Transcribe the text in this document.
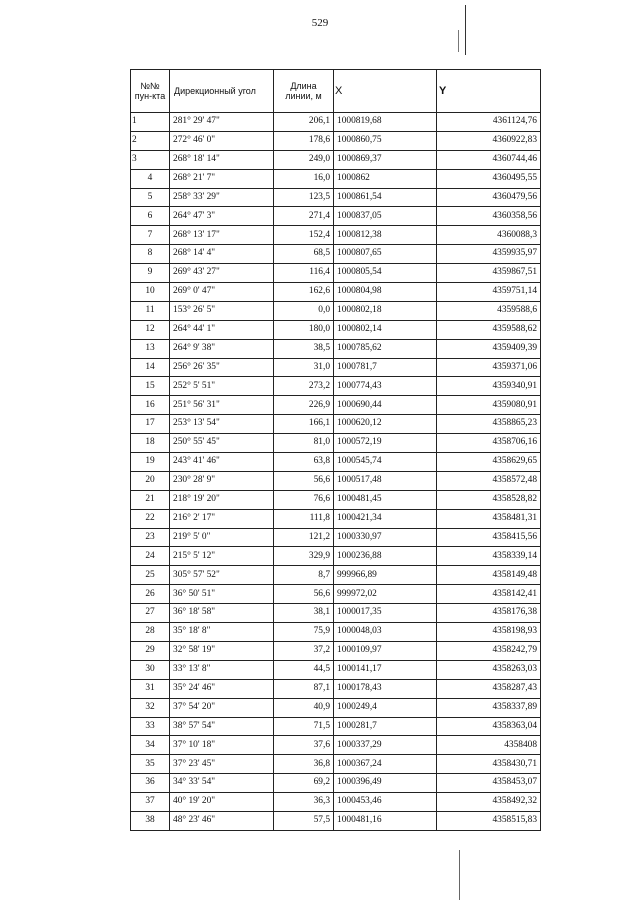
529
№№ пун-кта	Дирекционный угол	Длина линии, м	X	Y
1	281° 29' 47"	206,1	1000819,68	4361124,76
2	272° 46' 0"	178,6	1000860,75	4360922,83
3	268° 18' 14"	249,0	1000869,37	4360744,46
4	268° 21' 7"	16,0	1000862	4360495,55
5	258° 33' 29"	123,5	1000861,54	4360479,56
6	264° 47' 3"	271,4	1000837,05	4360358,56
7	268° 13' 17"	152,4	1000812,38	4360088,3
8	268° 14' 4"	68,5	1000807,65	4359935,97
9	269° 43' 27"	116,4	1000805,54	4359867,51
10	269° 0' 47"	162,6	1000804,98	4359751,14
11	153° 26' 5"	0,0	1000802,18	4359588,6
12	264° 44' 1"	180,0	1000802,14	4359588,62
13	264° 9' 38"	38,5	1000785,62	4359409,39
14	256° 26' 35"	31,0	1000781,7	4359371,06
15	252° 5' 51"	273,2	1000774,43	4359340,91
16	251° 56' 31"	226,9	1000690,44	4359080,91
17	253° 13' 54"	166,1	1000620,12	4358865,23
18	250° 55' 45"	81,0	1000572,19	4358706,16
19	243° 41' 46"	63,8	1000545,74	4358629,65
20	230° 28' 9"	56,6	1000517,48	4358572,48
21	218° 19' 20"	76,6	1000481,45	4358528,82
22	216° 2' 17"	111,8	1000421,34	4358481,31
23	219° 5' 0"	121,2	1000330,97	4358415,56
24	215° 5' 12"	329,9	1000236,88	4358339,14
25	305° 57' 52"	8,7	999966,89	4358149,48
26	36° 50' 51"	56,6	999972,02	4358142,41
27	36° 18' 58"	38,1	1000017,35	4358176,38
28	35° 18' 8"	75,9	1000048,03	4358198,93
29	32° 58' 19"	37,2	1000109,97	4358242,79
30	33° 13' 8"	44,5	1000141,17	4358263,03
31	35° 24' 46"	87,1	1000178,43	4358287,43
32	37° 54' 20"	40,9	1000249,4	4358337,89
33	38° 57' 54"	71,5	1000281,7	4358363,04
34	37° 10' 18"	37,6	1000337,29	4358408
35	37° 23' 45"	36,8	1000367,24	4358430,71
36	34° 33' 54"	69,2	1000396,49	4358453,07
37	40° 19' 20"	36,3	1000453,46	4358492,32
38	48° 23' 46"	57,5	1000481,16	4358515,83
